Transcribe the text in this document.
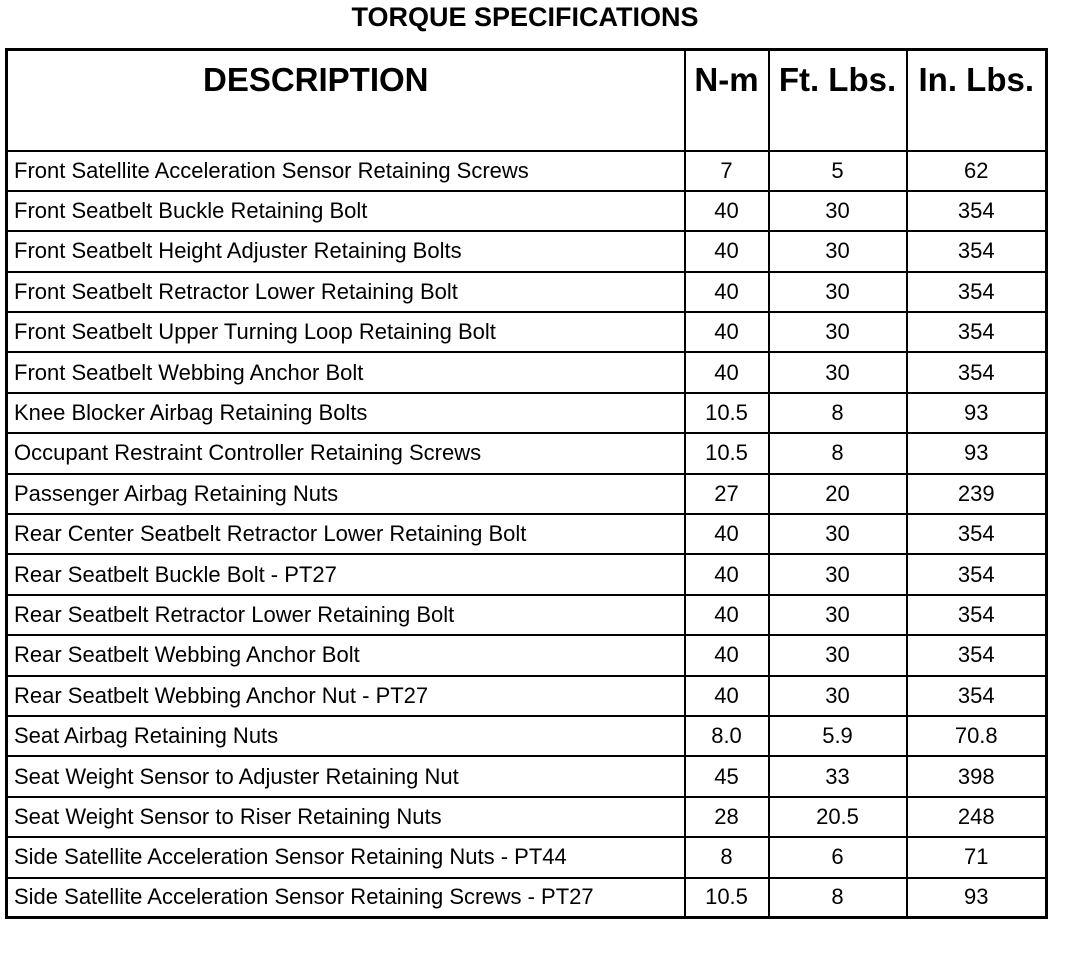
TORQUE SPECIFICATIONS
DESCRIPTION	N-m	Ft. Lbs.	In. Lbs.
Front Satellite Acceleration Sensor Retaining Screws	7	5	62
Front Seatbelt Buckle Retaining Bolt	40	30	354
Front Seatbelt Height Adjuster Retaining Bolts	40	30	354
Front Seatbelt Retractor Lower Retaining Bolt	40	30	354
Front Seatbelt Upper Turning Loop Retaining Bolt	40	30	354
Front Seatbelt Webbing Anchor Bolt	40	30	354
Knee Blocker Airbag Retaining Bolts	10.5	8	93
Occupant Restraint Controller Retaining Screws	10.5	8	93
Passenger Airbag Retaining Nuts	27	20	239
Rear Center Seatbelt Retractor Lower Retaining Bolt	40	30	354
Rear Seatbelt Buckle Bolt - PT27	40	30	354
Rear Seatbelt Retractor Lower Retaining Bolt	40	30	354
Rear Seatbelt Webbing Anchor Bolt	40	30	354
Rear Seatbelt Webbing Anchor Nut - PT27	40	30	354
Seat Airbag Retaining Nuts	8.0	5.9	70.8
Seat Weight Sensor to Adjuster Retaining Nut	45	33	398
Seat Weight Sensor to Riser Retaining Nuts	28	20.5	248
Side Satellite Acceleration Sensor Retaining Nuts - PT44	8	6	71
Side Satellite Acceleration Sensor Retaining Screws - PT27	10.5	8	93
